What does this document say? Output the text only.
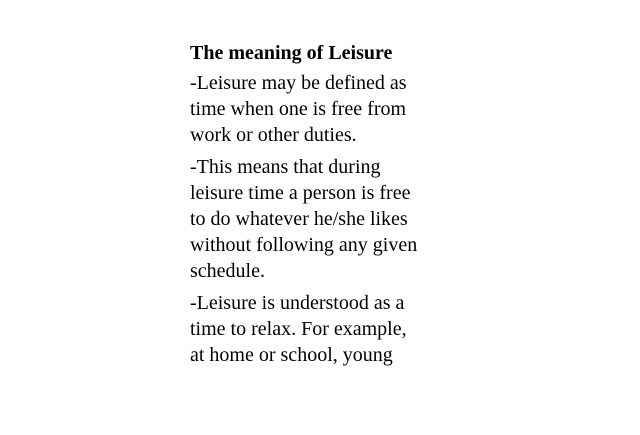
The meaning of Leisure
-Leisure may be defined as
time when one is free from
work or other duties.
-This means that during
leisure time a person is free
to do whatever he/she likes
without following any given
schedule.
-Leisure is understood as a
time to relax. For example,
at home or school, young
